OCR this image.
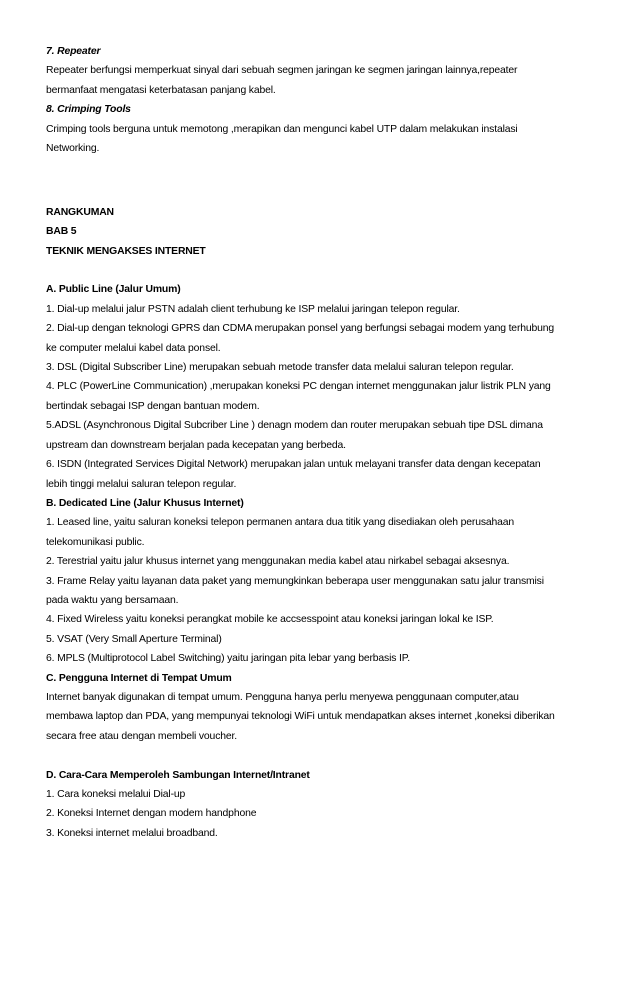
7. Repeater
Repeater berfungsi memperkuat sinyal dari sebuah segmen jaringan ke segmen jaringan lainnya,repeater
bermanfaat mengatasi keterbatasan panjang kabel.
8. Crimping Tools
Crimping tools berguna untuk memotong ,merapikan dan mengunci kabel UTP dalam melakukan instalasi
Networking.
RANGKUMAN
BAB 5
TEKNIK MENGAKSES INTERNET
A. Public Line (Jalur Umum)
1. Dial-up melalui jalur PSTN adalah client terhubung ke ISP melalui jaringan telepon regular.
2. Dial-up dengan teknologi GPRS dan CDMA merupakan ponsel yang berfungsi sebagai modem yang terhubung
ke computer melalui kabel data ponsel.
3. DSL (Digital Subscriber Line) merupakan sebuah metode transfer data melalui saluran telepon regular.
4. PLC (PowerLine Communication) ,merupakan koneksi PC dengan internet menggunakan jalur listrik PLN yang
bertindak sebagai ISP dengan bantuan modem.
5.ADSL (Asynchronous Digital Subcriber Line ) denagn modem dan router merupakan sebuah tipe DSL dimana
upstream dan downstream berjalan pada kecepatan yang berbeda.
6. ISDN (Integrated Services Digital Network) merupakan jalan untuk melayani transfer data dengan kecepatan
lebih tinggi melalui saluran telepon regular.
B. Dedicated Line (Jalur Khusus Internet)
1. Leased line, yaitu saluran koneksi telepon permanen antara dua titik yang disediakan oleh perusahaan
telekomunikasi public.
2. Terestrial yaitu jalur khusus internet yang menggunakan media kabel atau nirkabel sebagai aksesnya.
3. Frame Relay yaitu layanan data paket yang memungkinkan beberapa user menggunakan satu jalur transmisi
pada waktu yang bersamaan.
4. Fixed Wireless yaitu koneksi perangkat mobile ke accsesspoint atau koneksi jaringan lokal ke ISP.
5. VSAT (Very Small Aperture Terminal)
6. MPLS (Multiprotocol Label Switching) yaitu jaringan pita lebar yang berbasis IP.
C. Pengguna Internet di Tempat Umum
Internet banyak digunakan di tempat umum. Pengguna hanya perlu menyewa penggunaan computer,atau
membawa laptop dan PDA, yang mempunyai teknologi WiFi untuk mendapatkan akses internet ,koneksi diberikan
secara free atau dengan membeli voucher.
D. Cara-Cara Memperoleh Sambungan Internet/Intranet
1. Cara koneksi melalui Dial-up
2. Koneksi Internet dengan modem handphone
3. Koneksi internet melalui broadband.
